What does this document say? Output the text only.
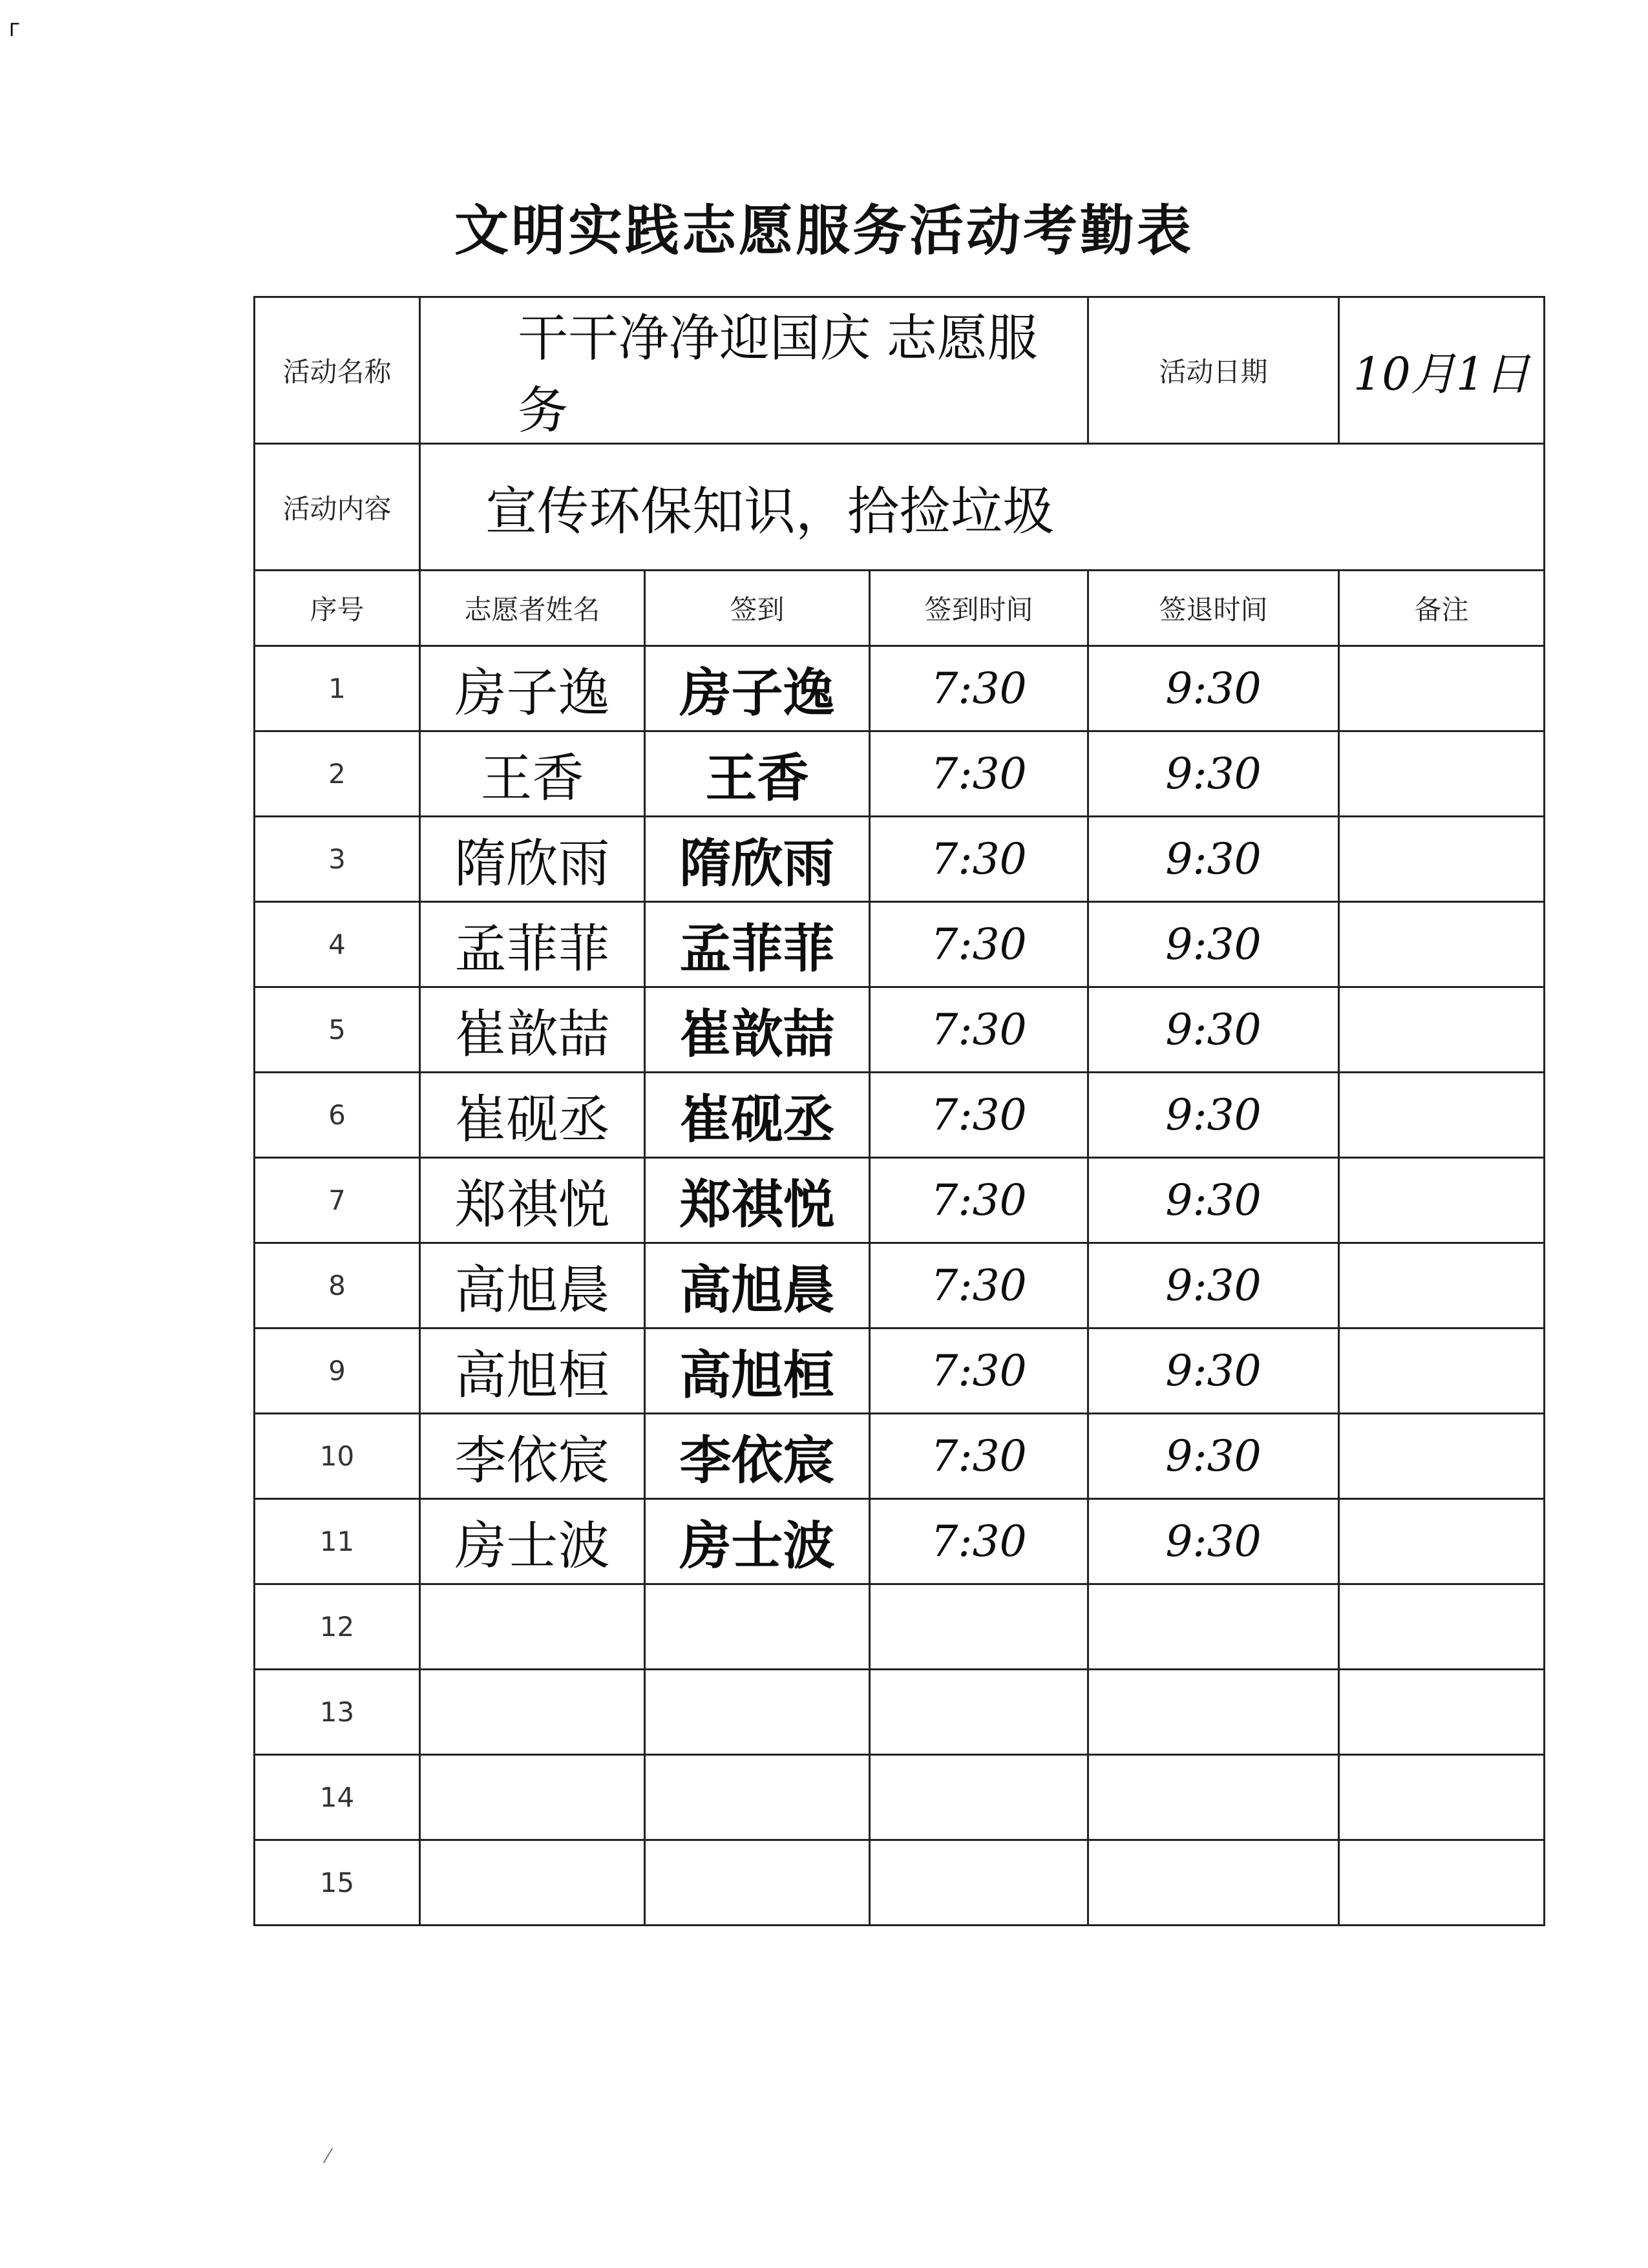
ᒥ
文明实践志愿服务活动考勤表
活动名称	干干净净迎国庆 志愿服务			活动日期	10月1日
活动内容	宣传环保知识，拾捡垃圾				
序号	志愿者姓名	签到	签到时间	签退时间	备注
1	房子逸	房子逸	7:30	9:30	
2	王香	王香	7:30	9:30	
3	隋欣雨	隋欣雨	7:30	9:30	
4	孟菲菲	孟菲菲	7:30	9:30	
5	崔歆喆	崔歆喆	7:30	9:30	
6	崔砚丞	崔砚丞	7:30	9:30	
7	郑祺悦	郑祺悦	7:30	9:30	
8	高旭晨	高旭晨	7:30	9:30	
9	高旭桓	高旭桓	7:30	9:30	
10	李依宸	李依宸	7:30	9:30	
11	房士波	房士波	7:30	9:30	
12					
13					
14					
15					
⁄
